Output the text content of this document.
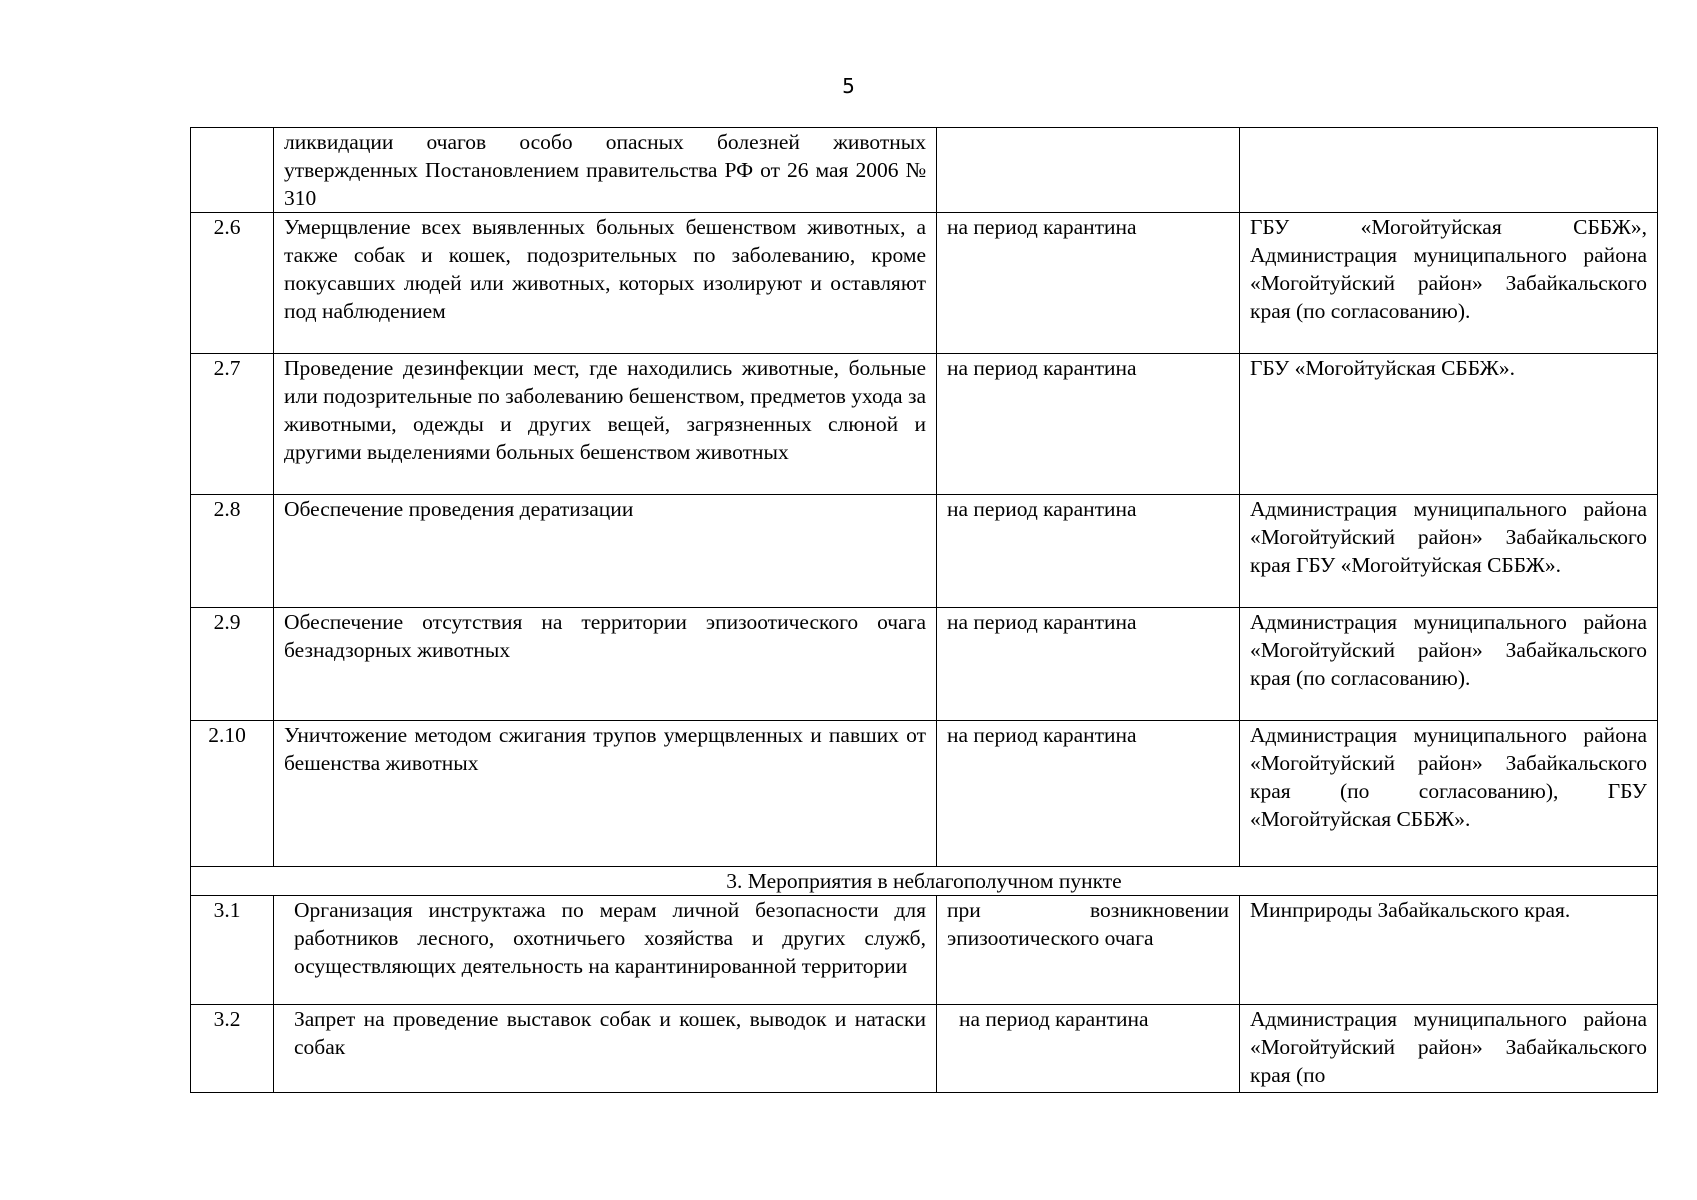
5
	ликвидации очагов особо опасных болезней животных утвержденных Постановлением правительства РФ от 26 мая 2006 № 310		
2.6	Умерщвление всех выявленных больных бешенством животных, а также собак и кошек, подозрительных по заболеванию, кроме покусавших людей или животных, которых изолируют и оставляют под наблюдением	на период карантина	ГБУ «Могойтуйская СББЖ», Администрация муниципального района «Могойтуйский район» Забайкальского края (по согласованию).
2.7	Проведение дезинфекции мест, где находились животные, больные или подозрительные по заболеванию бешенством, предметов ухода за животными, одежды и других вещей, загрязненных слюной и другими выделениями больных бешенством животных	на период карантина	ГБУ «Могойтуйская СББЖ».
2.8	Обеспечение проведения дератизации	на период карантина	Администрация муниципального района «Могойтуйский район» Забайкальского края ГБУ «Могойтуйская СББЖ».
2.9	Обеспечение отсутствия на территории эпизоотического очага безнадзорных животных	на период карантина	Администрация муниципального района «Могойтуйский район» Забайкальского края (по согласованию).
2.10	Уничтожение методом сжигания трупов умерщвленных и павших от бешенства животных	на период карантина	Администрация муниципального района «Могойтуйский район» Забайкальского края (по согласованию), ГБУ «Могойтуйская СББЖ».
3. Мероприятия в неблагополучном пункте			
3.1	Организация инструктажа по мерам личной безопасности для работников лесного, охотничьего хозяйства и других служб, осуществляющих деятельность на карантинированной территории	при возникновении эпизоотического очага	Минприроды Забайкальского края.
3.2	Запрет на проведение выставок собак и кошек, выводок и натаски собак	на период карантина	Администрация муниципального района «Могойтуйский район» Забайкальского края (по
